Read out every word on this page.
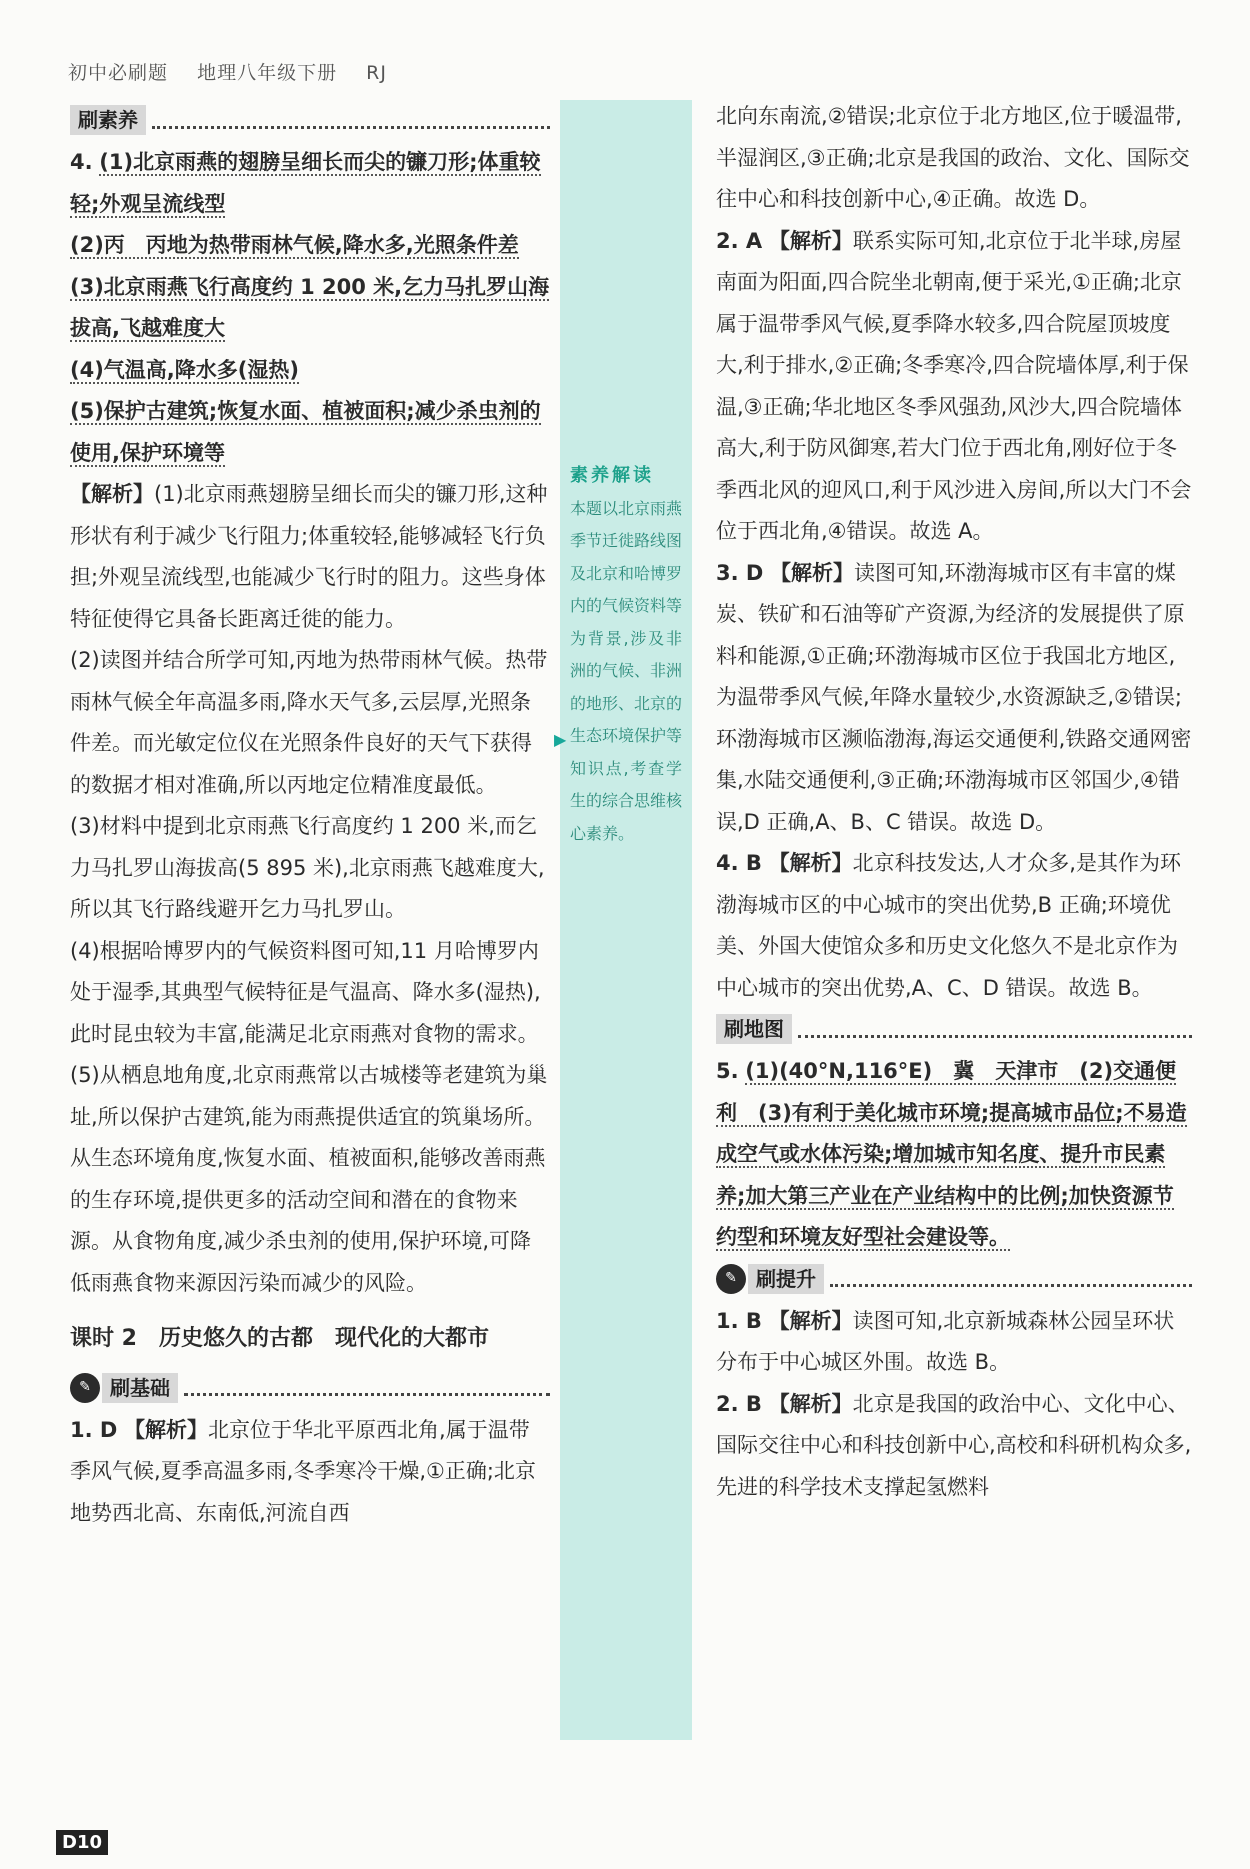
初中必刷题 地理八年级下册 RJ
刷素养

4. (1)北京雨燕的翅膀呈细长而尖的镰刀形;体重较轻;外观呈流线型
(2)丙　丙地为热带雨林气候,降水多,光照条件差
(3)北京雨燕飞行高度约 1 200 米,乞力马扎罗山海拔高,飞越难度大
(4)气温高,降水多(湿热)
(5)保护古建筑;恢复水面、植被面积;减少杀虫剂的使用,保护环境等

【解析】(1)北京雨燕翅膀呈细长而尖的镰刀形,这种形状有利于减少飞行阻力;体重较轻,能够减轻飞行负担;外观呈流线型,也能减少飞行时的阻力。这些身体特征使得它具备长距离迁徙的能力。

(2)读图并结合所学可知,丙地为热带雨林气候。热带雨林气候全年高温多雨,降水天气多,云层厚,光照条件差。而光敏定位仪在光照条件良好的天气下获得的数据才相对准确,所以丙地定位精准度最低。

(3)材料中提到北京雨燕飞行高度约 1 200 米,而乞力马扎罗山海拔高(5 895 米),北京雨燕飞越难度大,所以其飞行路线避开乞力马扎罗山。

(4)根据哈博罗内的气候资料图可知,11 月哈博罗内处于湿季,其典型气候特征是气温高、降水多(湿热),此时昆虫较为丰富,能满足北京雨燕对食物的需求。

(5)从栖息地角度,北京雨燕常以古城楼等老建筑为巢址,所以保护古建筑,能为雨燕提供适宜的筑巢场所。从生态环境角度,恢复水面、植被面积,能够改善雨燕的生存环境,提供更多的活动空间和潜在的食物来源。从食物角度,减少杀虫剂的使用,保护环境,可降低雨燕食物来源因污染而减少的风险。

课时 2　历史悠久的古都　现代化的大都市
✎ 刷基础

1. D 【解析】北京位于华北平原西北角,属于温带季风气候,夏季高温多雨,冬季寒冷干燥,①正确;北京地势西北高、东南低,河流自西

素养解读
本题以北京雨燕季节迁徙路线图及北京和哈博罗内的气候资料等为背景,涉及非洲的气候、非洲的地形、北京的生态环境保护等知识点,考查学生的综合思维核心素养。
▶

北向东南流,②错误;北京位于北方地区,位于暖温带,半湿润区,③正确;北京是我国的政治、文化、国际交往中心和科技创新中心,④正确。故选 D。

2. A 【解析】联系实际可知,北京位于北半球,房屋南面为阳面,四合院坐北朝南,便于采光,①正确;北京属于温带季风气候,夏季降水较多,四合院屋顶坡度大,利于排水,②正确;冬季寒冷,四合院墙体厚,利于保温,③正确;华北地区冬季风强劲,风沙大,四合院墙体高大,利于防风御寒,若大门位于西北角,刚好位于冬季西北风的迎风口,利于风沙进入房间,所以大门不会位于西北角,④错误。故选 A。

3. D 【解析】读图可知,环渤海城市区有丰富的煤炭、铁矿和石油等矿产资源,为经济的发展提供了原料和能源,①正确;环渤海城市区位于我国北方地区,为温带季风气候,年降水量较少,水资源缺乏,②错误;环渤海城市区濒临渤海,海运交通便利,铁路交通网密集,水陆交通便利,③正确;环渤海城市区邻国少,④错误,D 正确,A、B、C 错误。故选 D。

4. B 【解析】北京科技发达,人才众多,是其作为环渤海城市区的中心城市的突出优势,B 正确;环境优美、外国大使馆众多和历史文化悠久不是北京作为中心城市的突出优势,A、C、D 错误。故选 B。

刷地图

5. (1)(40°N,116°E)　冀　天津市　(2)交通便利　(3)有利于美化城市环境;提高城市品位;不易造成空气或水体污染;增加城市知名度、提升市民素养;加大第三产业在产业结构中的比例;加快资源节约型和环境友好型社会建设等。

✎ 刷提升

1. B 【解析】读图可知,北京新城森林公园呈环状分布于中心城区外围。故选 B。

2. B 【解析】北京是我国的政治中心、文化中心、国际交往中心和科技创新中心,高校和科研机构众多,先进的科学技术支撑起氢燃料

D10
